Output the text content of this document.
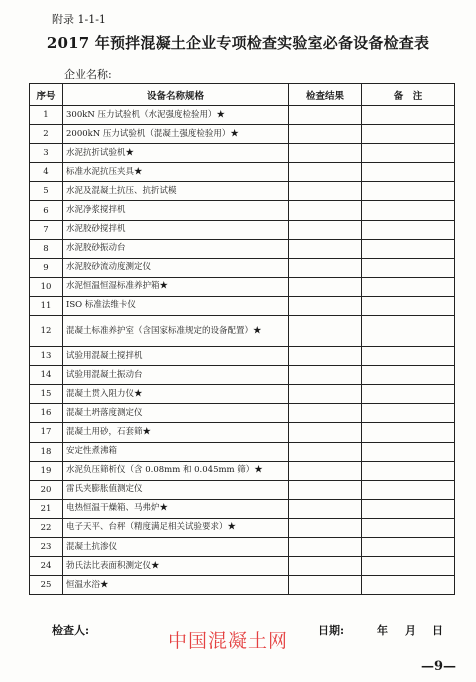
附录 1-1-1
2017 年预拌混凝土企业专项检查实验室必备设备检查表
企业名称:
序号	设备名称规格	检查结果	备　注
1	300kN 压力试验机（水泥强度检验用）★		
2	2000kN 压力试验机（混凝土强度检验用）★		
3	水泥抗折试验机★		
4	标准水泥抗压夹具★		
5	水泥及混凝土抗压、抗折试模		
6	水泥净浆搅拌机		
7	水泥胶砂搅拌机		
8	水泥胶砂振动台		
9	水泥胶砂流动度测定仪		
10	水泥恒温恒湿标准养护箱★		
11	ISO 标准法维卡仪		
12	混凝土标准养护室（含国家标准规定的设备配置）★		
13	试验用混凝土搅拌机		
14	试验用混凝土振动台		
15	混凝土贯入阻力仪★		
16	混凝土坍落度测定仪		
17	混凝土用砂，石套筛★		
18	安定性煮沸箱		
19	水泥负压筛析仪（含 0.08mm 和 0.045mm 筛）★		
20	雷氏夹膨胀值测定仪		
21	电热恒温干燥箱、马弗炉★		
22	电子天平、台秤（精度满足相关试验要求）★		
23	混凝土抗渗仪		
24	勃氏法比表面积测定仪★		
25	恒温水浴★		
检查人:	中国混凝土网	日期:	年 月 日
—9—
